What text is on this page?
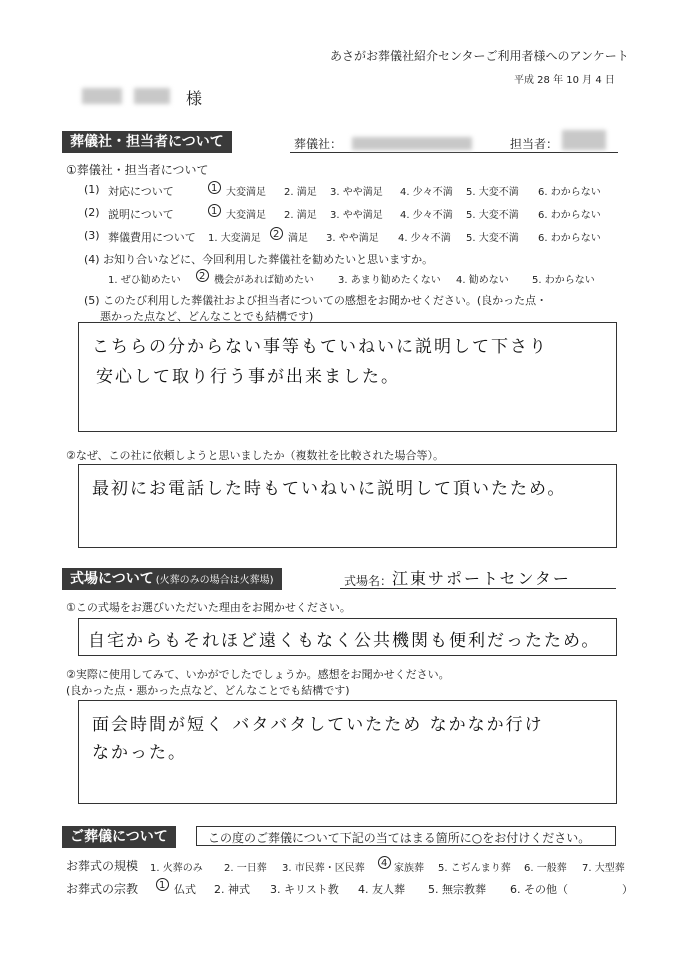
あさがお葬儀社紹介センターご利用者様へのアンケート
平成 28 年 10 月 4 日
様
葬儀社・担当者について	葬儀社：	担当者：
①葬儀社・担当者について
(1) 対応について	1 大変満足 2. 満足 3. やや満足 4. 少々不満 5. 大変不満 6. わからない
(2) 説明について	1 大変満足 2. 満足 3. やや満足 4. 少々不満 5. 大変不満 6. わからない
(3) 葬儀費用について 1. 大変満足 2 満足 3. やや満足 4. 少々不満 5. 大変不満 6. わからない
(4) お知り合いなどに、今回利用した葬儀社を勧めたいと思いますか。
1. ぜひ勧めたい 2 機会があれば勧めたい 3. あまり勧めたくない 4. 勧めない 5. わからない
(5) このたび利用した葬儀社および担当者についての感想をお聞かせください。(良かった点・
悪かった点など、どんなことでも結構です)
こちらの分からない事等もていねいに説明して下さり
安心して取り行う事が出来ました。
②なぜ、この社に依頼しようと思いましたか（複数社を比較された場合等）。
最初にお電話した時もていねいに説明して頂いたため。
式場について (火葬のみの場合は火葬場)	式場名： 江東サポートセンター
①この式場をお選びいただいた理由をお聞かせください。
自宅からもそれほど遠くもなく公共機関も便利だったため。
②実際に使用してみて、いかがでしたでしょうか。感想をお聞かせください。
(良かった点・悪かった点など、どんなことでも結構です)
面会時間が短く バタバタしていたため なかなか行け
なかった。
ご葬儀について	この度のご葬儀について下記の当てはまる箇所に○をお付けください。
お葬式の規模 1. 火葬のみ 2. 一日葬 3. 市民葬・区民葬 4 家族葬 5. こぢんまり葬 6. 一般葬 7. 大型葬
お葬式の宗教 1 仏式 2. 神式 3. キリスト教 4. 友人葬 5. 無宗教葬 6. その他（	）
